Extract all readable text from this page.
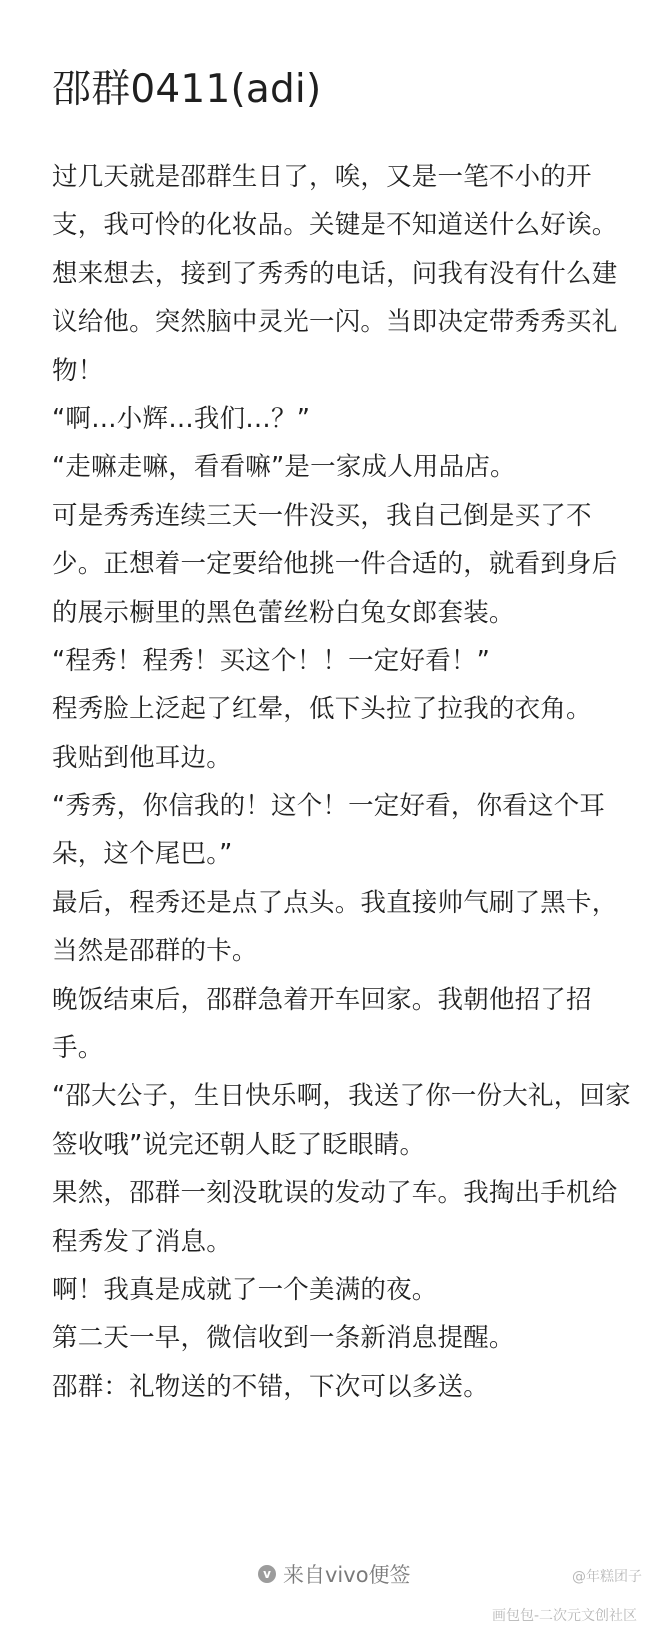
邵群0411(adi)
过几天就是邵群生日了，唉，又是一笔不小的开
支，我可怜的化妆品。关键是不知道送什么好诶。
想来想去，接到了秀秀的电话，问我有没有什么建
议给他。突然脑中灵光一闪。当即决定带秀秀买礼
物！
“啊…小辉…我们…？”
“走嘛走嘛，看看嘛”是一家成人用品店。
可是秀秀连续三天一件没买，我自己倒是买了不
少。正想着一定要给他挑一件合适的，就看到身后
的展示橱里的黑色蕾丝粉白兔女郎套装。
“程秀！程秀！买这个！！一定好看！”
程秀脸上泛起了红晕，低下头拉了拉我的衣角。
我贴到他耳边。
“秀秀，你信我的！这个！一定好看，你看这个耳
朵，这个尾巴。”
最后，程秀还是点了点头。我直接帅气刷了黑卡，
当然是邵群的卡。
晚饭结束后，邵群急着开车回家。我朝他招了招
手。
“邵大公子，生日快乐啊，我送了你一份大礼，回家
签收哦”说完还朝人眨了眨眼睛。
果然，邵群一刻没耽误的发动了车。我掏出手机给
程秀发了消息。
啊！我真是成就了一个美满的夜。
第二天一早，微信收到一条新消息提醒。
邵群：礼物送的不错，下次可以多送。
v 来自vivo便签	@年糕团子
画包包-二次元文创社区
